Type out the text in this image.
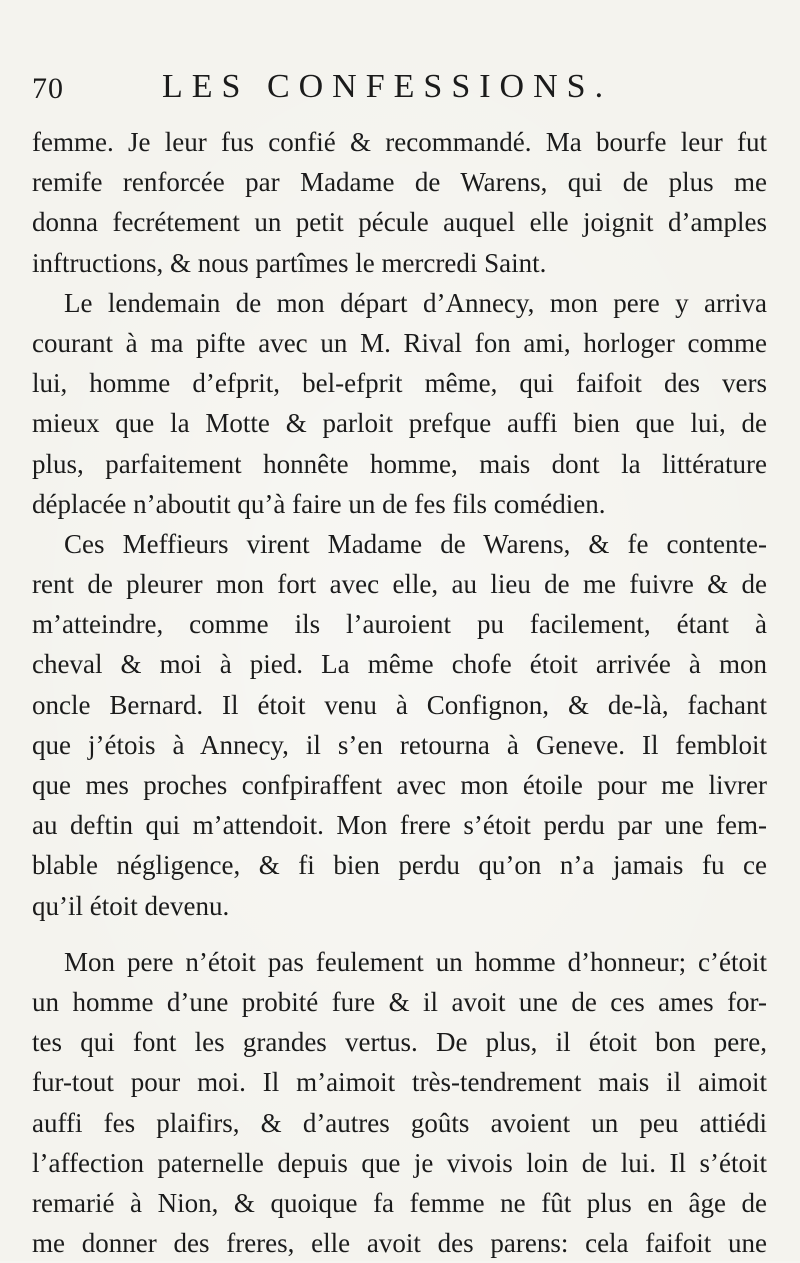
70	LES CONFESSIONS.
femme. Je leur fus confié & recommandé. Ma bourfe leur fut
remife renforcée par Madame de Warens, qui de plus me
donna fecrétement un petit pécule auquel elle joignit d’amples
inftructions, & nous partîmes le mercredi Saint.
Le lendemain de mon départ d’Annecy, mon pere y arriva
courant à ma pifte avec un M. Rival fon ami, horloger comme
lui, homme d’efprit, bel-efprit même, qui faifoit des vers
mieux que la Motte & parloit prefque auffi bien que lui, de
plus, parfaitement honnête homme, mais dont la littérature
déplacée n’aboutit qu’à faire un de fes fils comédien.
Ces Meffieurs virent Madame de Warens, & fe contente-
rent de pleurer mon fort avec elle, au lieu de me fuivre & de
m’atteindre, comme ils l’auroient pu facilement, étant à
cheval & moi à pied. La même chofe étoit arrivée à mon
oncle Bernard. Il étoit venu à Confignon, & de-là, fachant
que j’étois à Annecy, il s’en retourna à Geneve. Il fembloit
que mes proches confpiraffent avec mon étoile pour me livrer
au deftin qui m’attendoit. Mon frere s’étoit perdu par une fem-
blable négligence, & fi bien perdu qu’on n’a jamais fu ce
qu’il étoit devenu.
Mon pere n’étoit pas feulement un homme d’honneur; c’étoit
un homme d’une probité fure & il avoit une de ces ames for-
tes qui font les grandes vertus. De plus, il étoit bon pere,
fur-tout pour moi. Il m’aimoit très-tendrement mais il aimoit
auffi fes plaifirs, & d’autres goûts avoient un peu attiédi
l’affection paternelle depuis que je vivois loin de lui. Il s’étoit
remarié à Nion, & quoique fa femme ne fût plus en âge de
me donner des freres, elle avoit des parens: cela faifoit une
